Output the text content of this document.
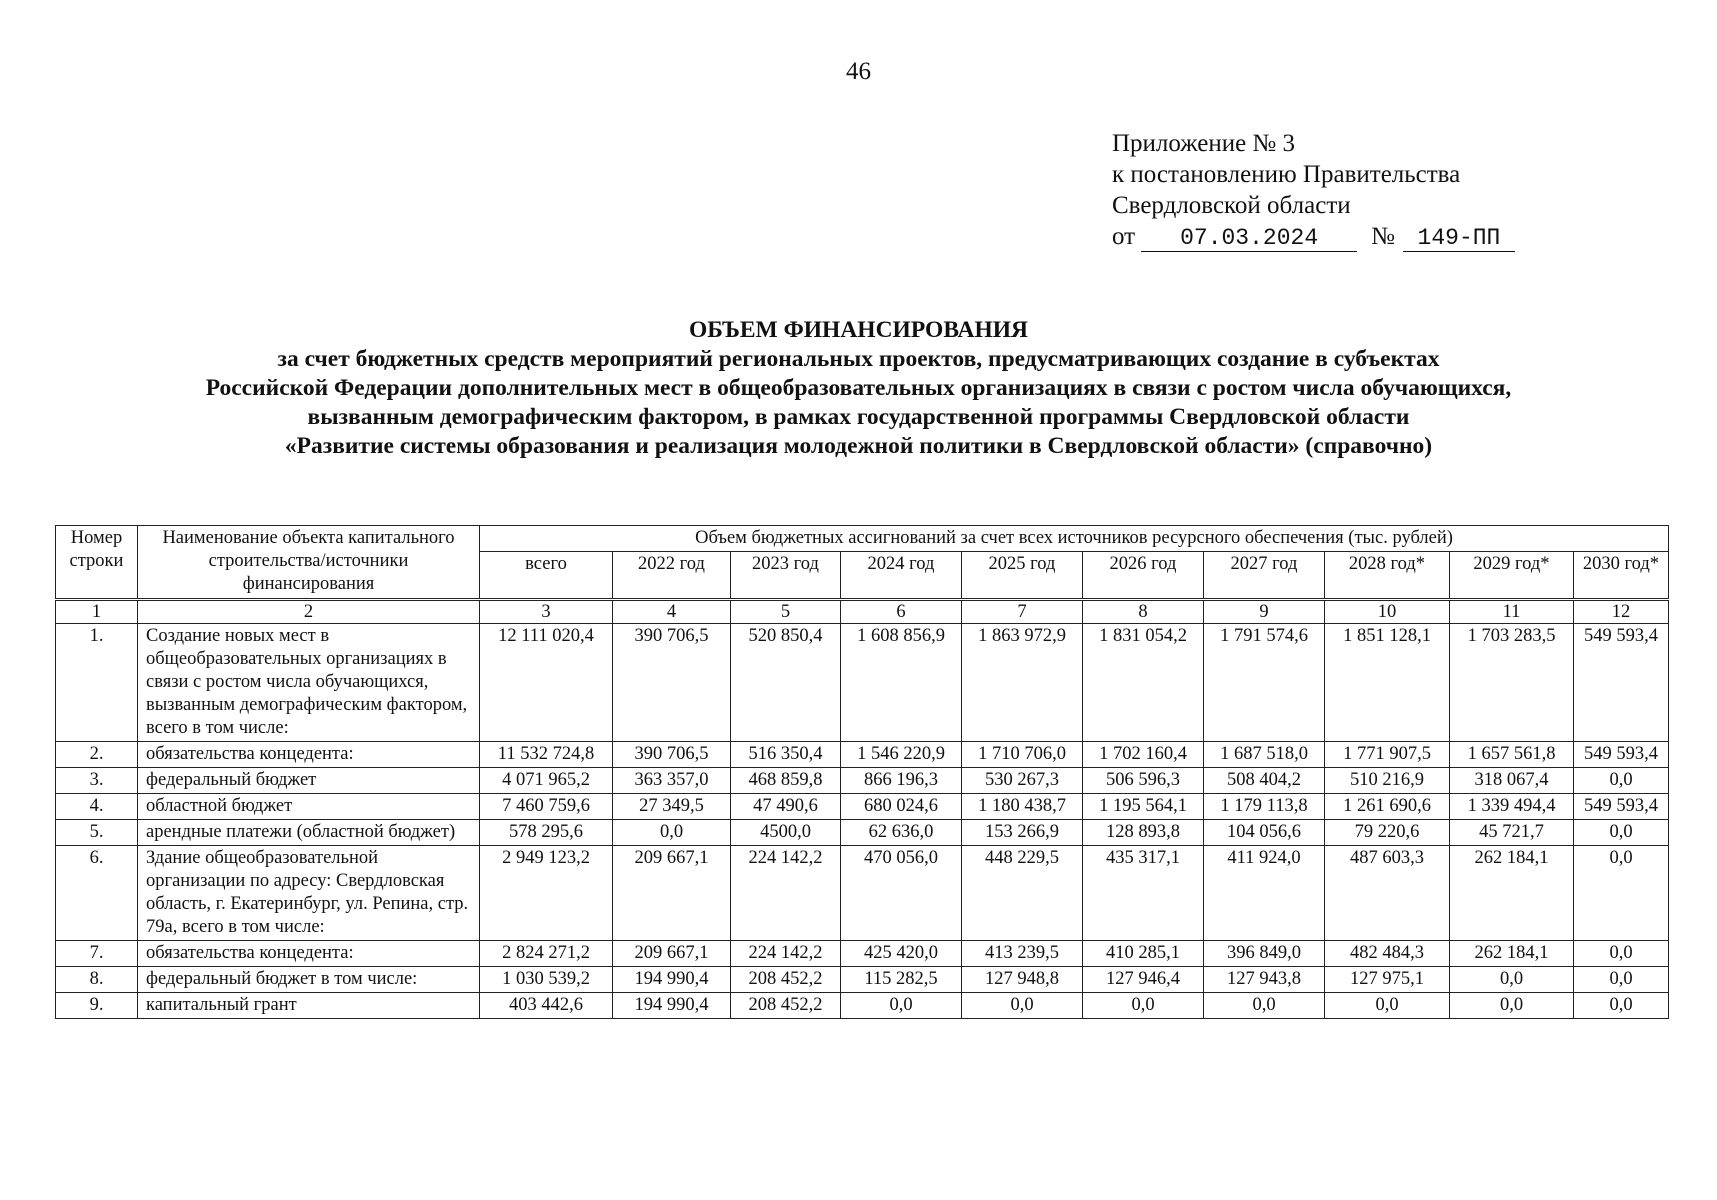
46
Приложение № 3
к постановлению Правительства
Свердловской области
от 07.03.2024 № 149-ПП
ОБЪЕМ ФИНАНСИРОВАНИЯ
за счет бюджетных средств мероприятий региональных проектов, предусматривающих создание в субъектах
Российской Федерации дополнительных мест в общеобразовательных организациях в связи с ростом числа обучающихся,
вызванным демографическим фактором, в рамках государственной программы Свердловской области
«Развитие системы образования и реализация молодежной политики в Свердловской области» (справочно)
Номер строки	Наименование объекта капитального строительства/источники финансирования	Объем бюджетных ассигнований за счет всех источников ресурсного обеспечения (тыс. рублей)									
		всего	2022 год	2023 год	2024 год	2025 год	2026 год	2027 год	2028 год*	2029 год*	2030 год*
1	2	3	4	5	6	7	8	9	10	11	12
1.	Создание новых мест в общеобразовательных организациях в связи с ростом числа обучающихся, вызванным демографическим фактором, всего в том числе:	12 111 020,4	390 706,5	520 850,4	1 608 856,9	1 863 972,9	1 831 054,2	1 791 574,6	1 851 128,1	1 703 283,5	549 593,4
2.	обязательства концедента:	11 532 724,8	390 706,5	516 350,4	1 546 220,9	1 710 706,0	1 702 160,4	1 687 518,0	1 771 907,5	1 657 561,8	549 593,4
3.	федеральный бюджет	4 071 965,2	363 357,0	468 859,8	866 196,3	530 267,3	506 596,3	508 404,2	510 216,9	318 067,4	0,0
4.	областной бюджет	7 460 759,6	27 349,5	47 490,6	680 024,6	1 180 438,7	1 195 564,1	1 179 113,8	1 261 690,6	1 339 494,4	549 593,4
5.	арендные платежи (областной бюджет)	578 295,6	0,0	4500,0	62 636,0	153 266,9	128 893,8	104 056,6	79 220,6	45 721,7	0,0
6.	Здание общеобразовательной организации по адресу: Свердловская область, г. Екатеринбург, ул. Репина, стр. 79а, всего в том числе:	2 949 123,2	209 667,1	224 142,2	470 056,0	448 229,5	435 317,1	411 924,0	487 603,3	262 184,1	0,0
7.	обязательства концедента:	2 824 271,2	209 667,1	224 142,2	425 420,0	413 239,5	410 285,1	396 849,0	482 484,3	262 184,1	0,0
8.	федеральный бюджет в том числе:	1 030 539,2	194 990,4	208 452,2	115 282,5	127 948,8	127 946,4	127 943,8	127 975,1	0,0	0,0
9.	капитальный грант	403 442,6	194 990,4	208 452,2	0,0	0,0	0,0	0,0	0,0	0,0	0,0
